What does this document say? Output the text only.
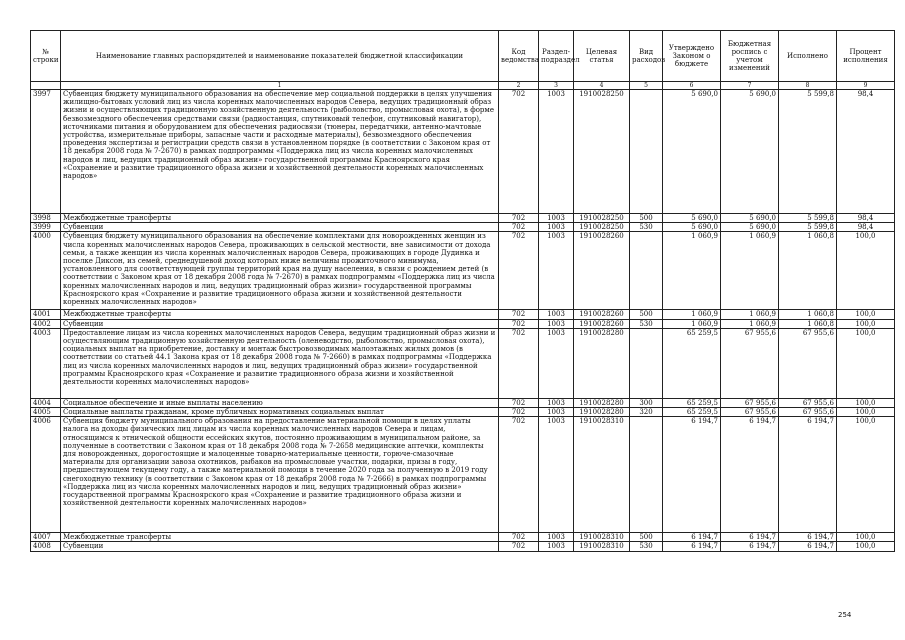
№ строки	Наименование главных распорядителей и наименование показателей бюджетной классификации	Код ведомства	Раздел-подраздел	Целевая статья	Вид расходов	Утверждено Законом о бюджете	Бюджетная роспись с учетом изменений	Исполнено	Процент исполнения
	1	2	3	4	5	6	7	8	9
3997	Субвенция бюджету муниципального образования на обеспечение мер социальной поддержки в целях улучшения жилищно-бытовых условий лиц из числа коренных малочисленных народов Севера, ведущих традиционный образ жизни и осуществляющих традиционную хозяйственную деятельность (рыболовство, промысловая охота), в форме безвозмездного обеспечения средствами связи (радиостанция, спутниковый телефон, спутниковый навигатор), источниками питания и оборудованием для обеспечения радиосвязи (тюнеры, передатчики, антенно-мачтовые устройства, измерительные приборы, запасные части и расходные материалы), безвозмездного обеспечения проведения экспертизы и регистрации средств связи в установленном порядке (в соответствии с Законом края от 18 декабря 2008 года № 7-2670) в рамках подпрограммы «Поддержка лиц из числа коренных малочисленных народов и лиц, ведущих традиционный образ жизни» государственной программы Красноярского края «Сохранение и развитие традиционного образа жизни и хозяйственной деятельности коренных малочисленных народов»	702	1003	1910028250		5 690,0	5 690,0	5 599,8	98,4
3998	Межбюджетные трансферты	702	1003	1910028250	500	5 690,0	5 690,0	5 599,8	98,4
3999	Субвенции	702	1003	1910028250	530	5 690,0	5 690,0	5 599,8	98,4
4000	Субвенция бюджету муниципального образования на обеспечение комплектами для новорожденных женщин из числа коренных малочисленных народов Севера, проживающих в сельской местности, вне зависимости от дохода семьи, а также женщин из числа коренных малочисленных народов Севера, проживающих в городе Дудинка и поселке Диксон, из семей, среднедушевой доход которых ниже величины прожиточного минимума, установленного для соответствующей группы территорий края на душу населения, в связи с рождением детей (в соответствии с Законом края от 18 декабря 2008 года № 7-2670) в рамках подпрограммы «Поддержка лиц из числа коренных малочисленных народов и лиц, ведущих традиционный образ жизни» государственной программы Красноярского края «Сохранение и развитие традиционного образа жизни и хозяйственной деятельности коренных малочисленных народов»	702	1003	1910028260		1 060,9	1 060,9	1 060,8	100,0
4001	Межбюджетные трансферты	702	1003	1910028260	500	1 060,9	1 060,9	1 060,8	100,0
4002	Субвенции	702	1003	1910028260	530	1 060,9	1 060,9	1 060,8	100,0
4003	Предоставление лицам из числа коренных малочисленных народов Севера, ведущим традиционный образ жизни и осуществляющим традиционную хозяйственную деятельность (оленеводство, рыболовство, промысловая охота), социальных выплат на приобретение, доставку и монтаж быстровозводимых малоэтажных жилых домов (в соответствии со статьей 44.1 Закона края от 18 декабря 2008 года № 7-2660) в рамках подпрограммы «Поддержка лиц из числа коренных малочисленных народов и лиц, ведущих традиционный образ жизни» государственной программы Красноярского края «Сохранение и развитие традиционного образа жизни и хозяйственной деятельности коренных малочисленных народов»	702	1003	1910028280		65 259,5	67 955,6	67 955,6	100,0
4004	Социальное обеспечение и иные выплаты населению	702	1003	1910028280	300	65 259,5	67 955,6	67 955,6	100,0
4005	Социальные выплаты гражданам, кроме публичных нормативных социальных выплат	702	1003	1910028280	320	65 259,5	67 955,6	67 955,6	100,0
4006	Субвенция бюджету муниципального образования на предоставление материальной помощи в целях уплаты налога на доходы физических лиц лицам из числа коренных малочисленных народов Севера и лицам, относящимся к этнической общности ессейских якутов, постоянно проживающим в муниципальном районе, за полученные в соответствии с Законом края от 18 декабря 2008 года № 7-2658 медицинские аптечки, комплекты для новорожденных, дорогостоящие и малоценные товарно-материальные ценности, горюче-смазочные материалы для организации завоза охотников, рыбаков на промысловые участки, подарки, призы в году, предшествующем текущему году, а также материальной помощи в течение 2020 года за полученную в 2019 году снегоходную технику (в соответствии с Законом края от 18 декабря 2008 года № 7-2666) в рамках подпрограммы «Поддержка лиц из числа коренных малочисленных народов и лиц, ведущих традиционный образ жизни» государственной программы Красноярского края «Сохранение и развитие традиционного образа жизни и хозяйственной деятельности коренных малочисленных народов»	702	1003	1910028310		6 194,7	6 194,7	6 194,7	100,0
4007	Межбюджетные трансферты	702	1003	1910028310	500	6 194,7	6 194,7	6 194,7	100,0
4008	Субвенции	702	1003	1910028310	530	6 194,7	6 194,7	6 194,7	100,0
254
